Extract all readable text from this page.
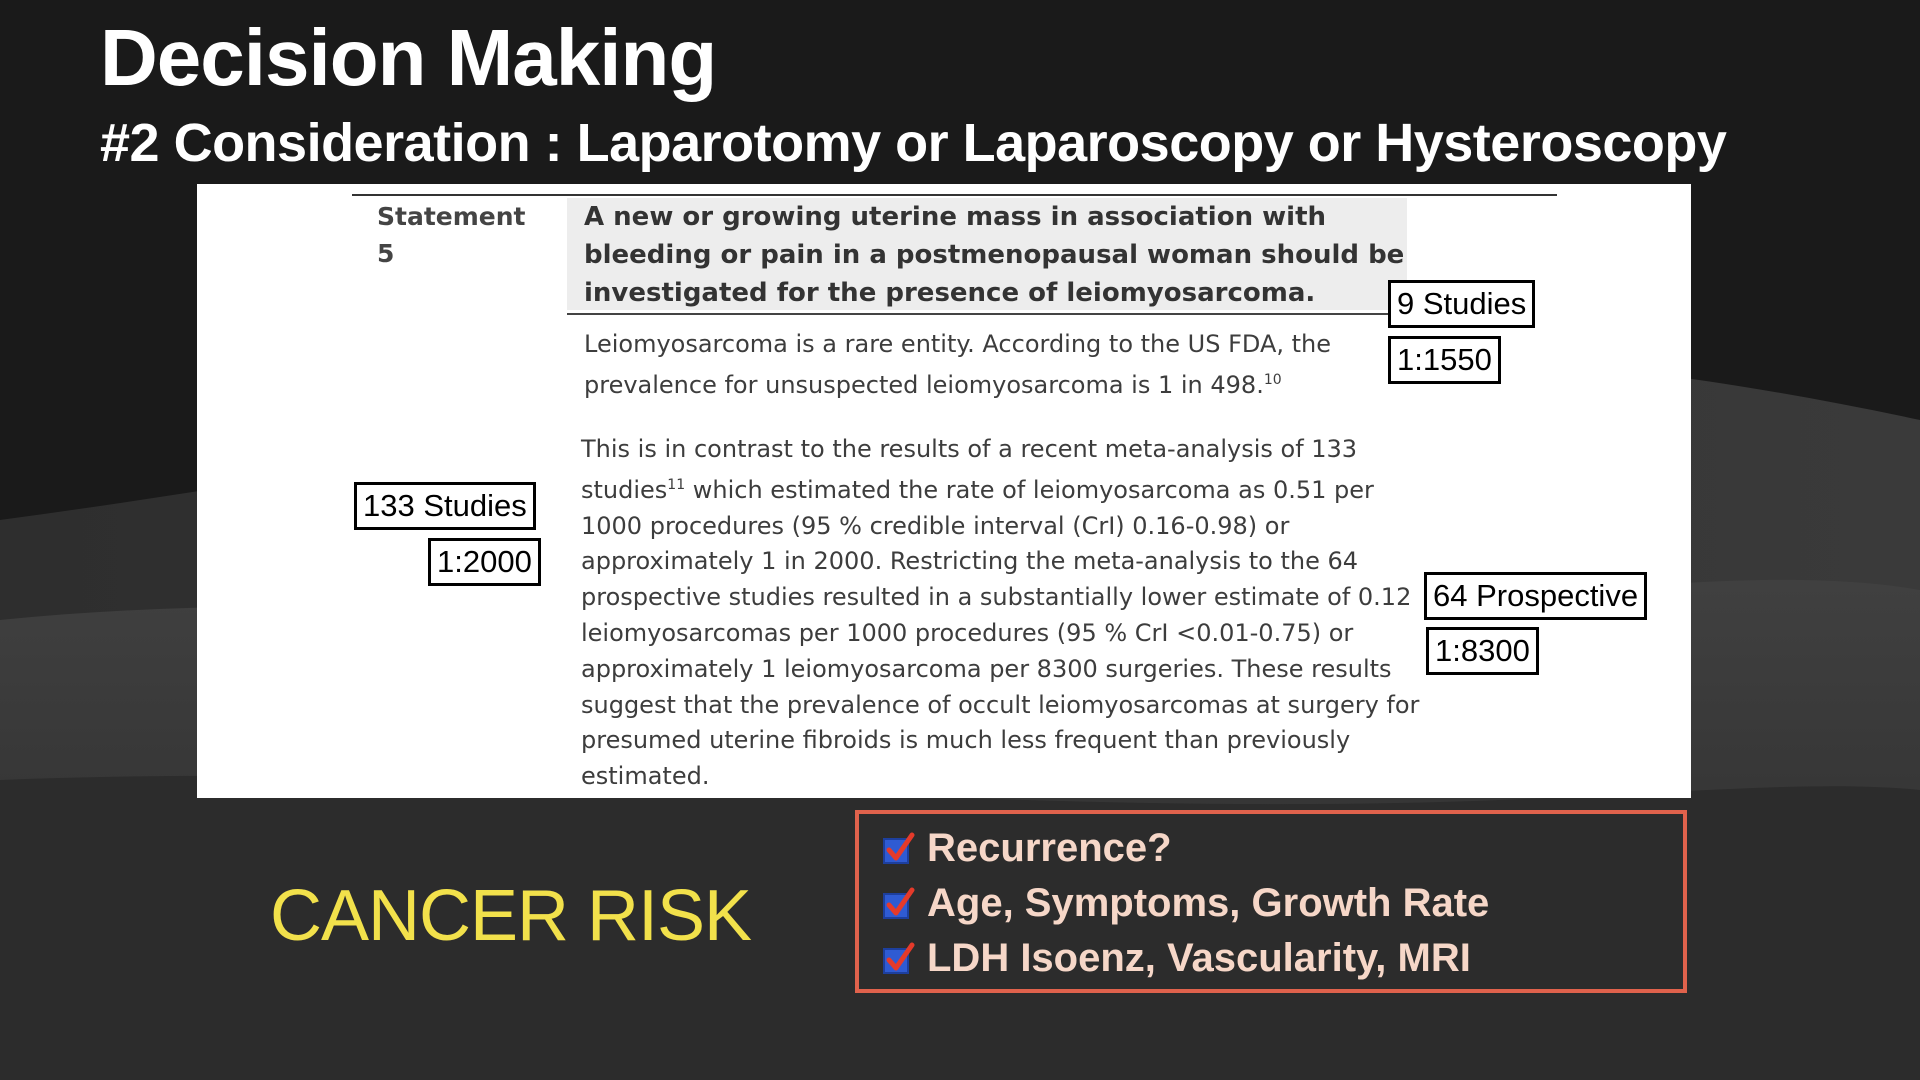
Decision Making
#2 Consideration : Laparotomy or Laparoscopy or Hysteroscopy
Statement
5
A new or growing uterine mass in association with bleeding or pain in a postmenopausal woman should be investigated for the presence of leiomyosarcoma.
Leiomyosarcoma is a rare entity. According to the US FDA, the prevalence for unsuspected leiomyosarcoma is 1 in 498.10
This is in contrast to the results of a recent meta-analysis of 133 studies$^{11}$ which estimated the rate of leiomyosarcoma as 0.51 per 1000 procedures (95 % credible interval (CrI) 0.16-0.98) or approximately 1 in 2000. Restricting the meta-analysis to the 64 prospective studies resulted in a substantially lower estimate of 0.12 leiomyosarcomas per 1000 procedures (95 % CrI <0.01-0.75) or approximately 1 leiomyosarcoma per 8300 surgeries. These results suggest that the prevalence of occult leiomyosarcomas at surgery for presumed uterine fibroids is much less frequent than previously estimated.
9 Studies
1:1550
133 Studies
1:2000
64 Prospective
1:8300
CANCER RISK
Recurrence?
Age, Symptoms, Growth Rate
LDH Isoenz, Vascularity, MRI
